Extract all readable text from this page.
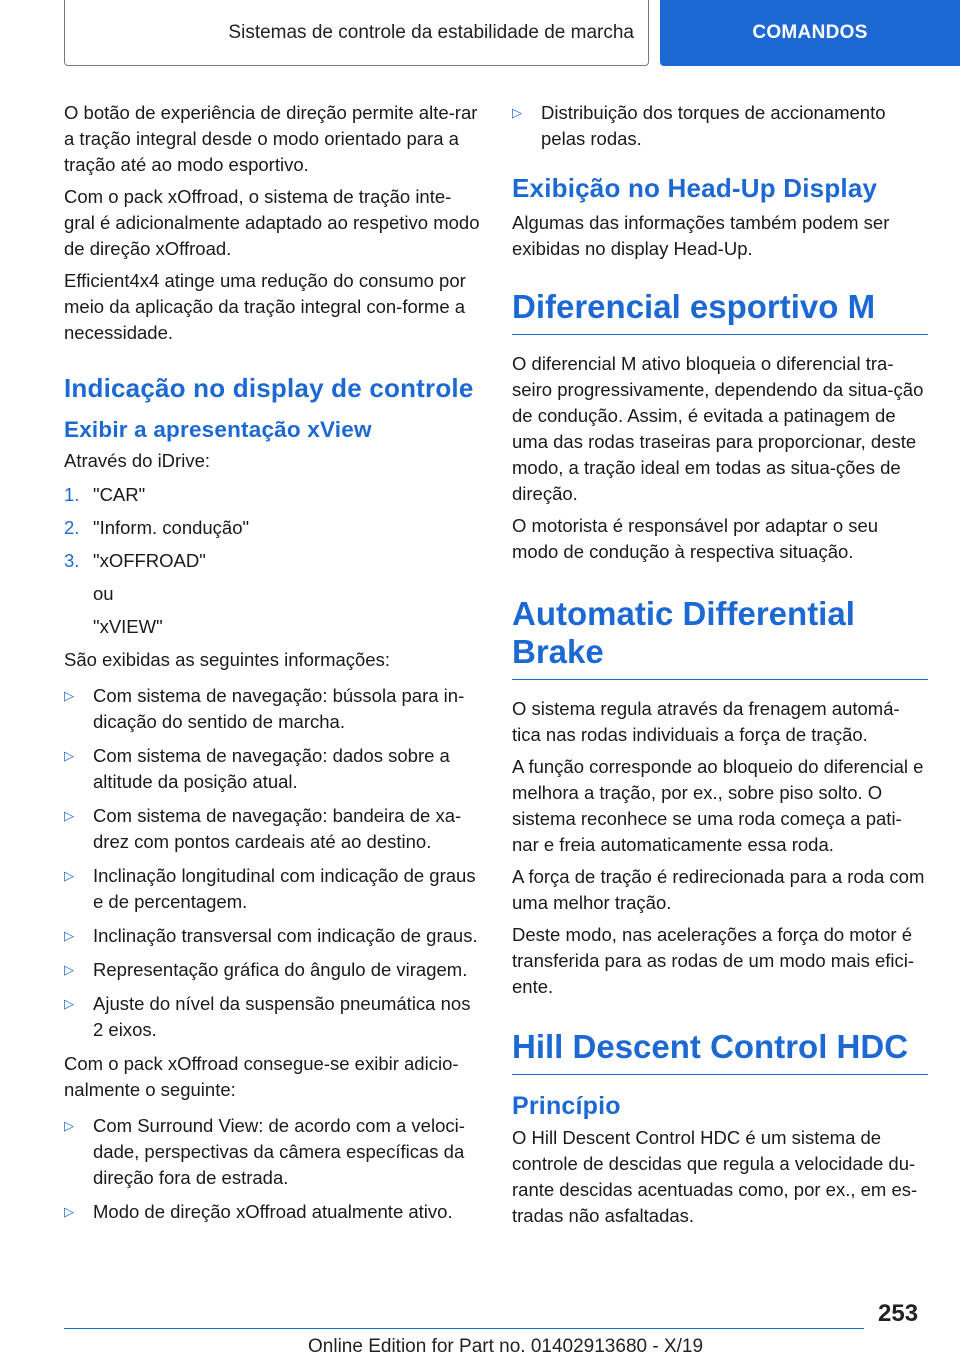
Sistemas de controle da estabilidade de marcha	COMANDOS

O botão de experiência de direção permite alte-rar a tração integral desde o modo orientado para a tração até ao modo esportivo.

Com o pack xOffroad, o sistema de tração inte-gral é adicionalmente adaptado ao respetivo modo de direção xOffroad.

Efficient4x4 atinge uma redução do consumo por meio da aplicação da tração integral con-forme a necessidade.

Indicação no display de controle
Exibir a apresentação xView

Através do iDrive:

1. "CAR"
2. "Inform. condução"
3. "xOFFROAD"
ou
"xVIEW"

São exibidas as seguintes informações:

▷	Com sistema de navegação: bússola para in-dicação do sentido de marcha.
▷	Com sistema de navegação: dados sobre a altitude da posição atual.
▷	Com sistema de navegação: bandeira de xa-drez com pontos cardeais até ao destino.
▷	Inclinação longitudinal com indicação de graus e de percentagem.
▷	Inclinação transversal com indicação de graus.
▷	Representação gráfica do ângulo de viragem.
▷	Ajuste do nível da suspensão pneumática nos 2 eixos.

Com o pack xOffroad consegue-se exibir adicio-nalmente o seguinte:

▷	Com Surround View: de acordo com a veloci-dade, perspectivas da câmera específicas da direção fora de estrada.
▷	Modo de direção xOffroad atualmente ativo.
▷	Distribuição dos torques de accionamento pelas rodas.
Exibição no Head-Up Display

Algumas das informações também podem ser exibidas no display Head-Up.

Diferencial esportivo M

O diferencial M ativo bloqueia o diferencial tra-seiro progressivamente, dependendo da situa-ção de condução. Assim, é evitada a patinagem de uma das rodas traseiras para proporcionar, deste modo, a tração ideal em todas as situa-ções de direção.

O motorista é responsável por adaptar o seu modo de condução à respectiva situação.

Automatic Differential Brake

O sistema regula através da frenagem automá-tica nas rodas individuais a força de tração.

A função corresponde ao bloqueio do diferencial e melhora a tração, por ex., sobre piso solto. O sistema reconhece se uma roda começa a pati-nar e freia automaticamente essa roda.

A força de tração é redirecionada para a roda com uma melhor tração.

Deste modo, nas acelerações a força do motor é transferida para as rodas de um modo mais efici-ente.

Hill Descent Control HDC
Princípio

O Hill Descent Control HDC é um sistema de controle de descidas que regula a velocidade du-rante descidas acentuadas como, por ex., em es-tradas não asfaltadas.

253
Online Edition for Part no. 01402913680 - X/19
